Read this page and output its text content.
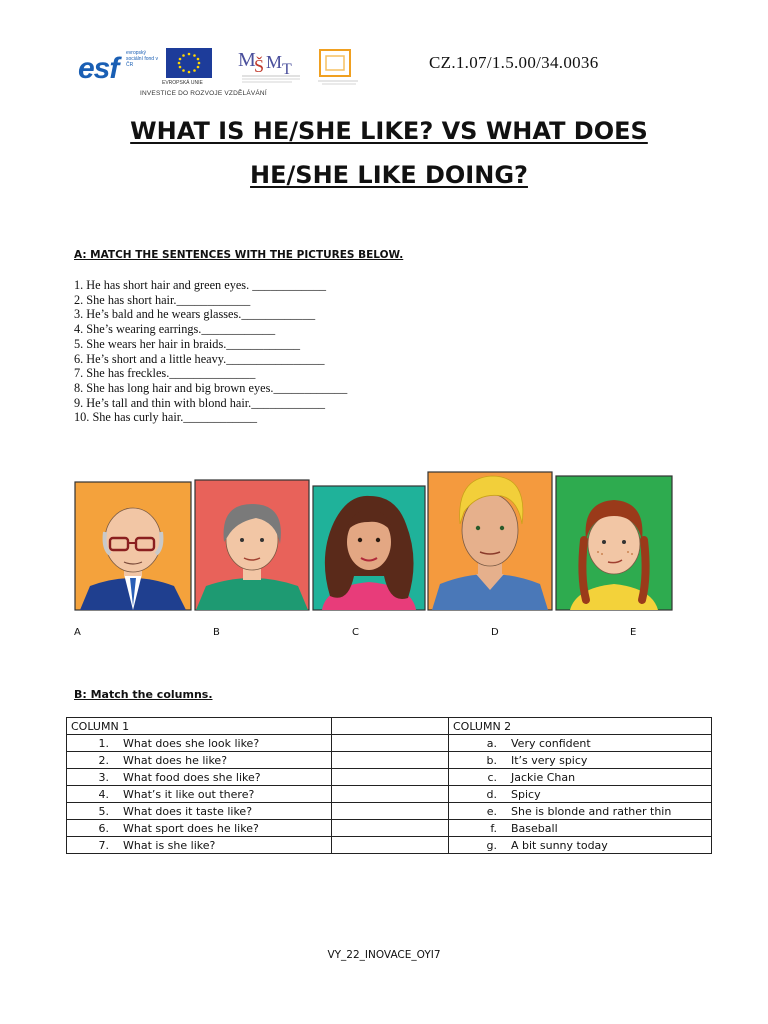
esf evropský sociální fond v ČR
EVROPSKÁ UNIE
M
Š M T
INVESTICE DO ROZVOJE VZDĚLÁVÁNÍ
CZ.1.07/1.5.00/34.0036
WHAT IS HE/SHE LIKE? VS WHAT DOES
HE/SHE LIKE DOING?
A: MATCH THE SENTENCES WITH THE PICTURES BELOW.
1. He has short hair and green eyes. ____________
2. She has short hair.____________
3. He’s bald and he wears glasses.____________
4. She’s wearing earrings.____________
5. She wears her hair in braids.____________
6. He’s short and a little heavy.________________
7. She has freckles.______________
8. She has long hair and big brown eyes.____________
9. He’s tall and thin with blond hair.____________
10. She has curly hair.____________
A	B	C	D	E
B: Match the columns.
COLUMN 1		COLUMN 2
1. What does she look like?		a. Very confident
2. What does he like?		b. It’s very spicy
3. What food does she like?		c. Jackie Chan
4. What’s it like out there?		d. Spicy
5. What does it taste like?		e. She is blonde and rather thin
6. What sport does he like?		f. Baseball
7. What is she like?		g. A bit sunny today
VY_22_INOVACE_OYI7
